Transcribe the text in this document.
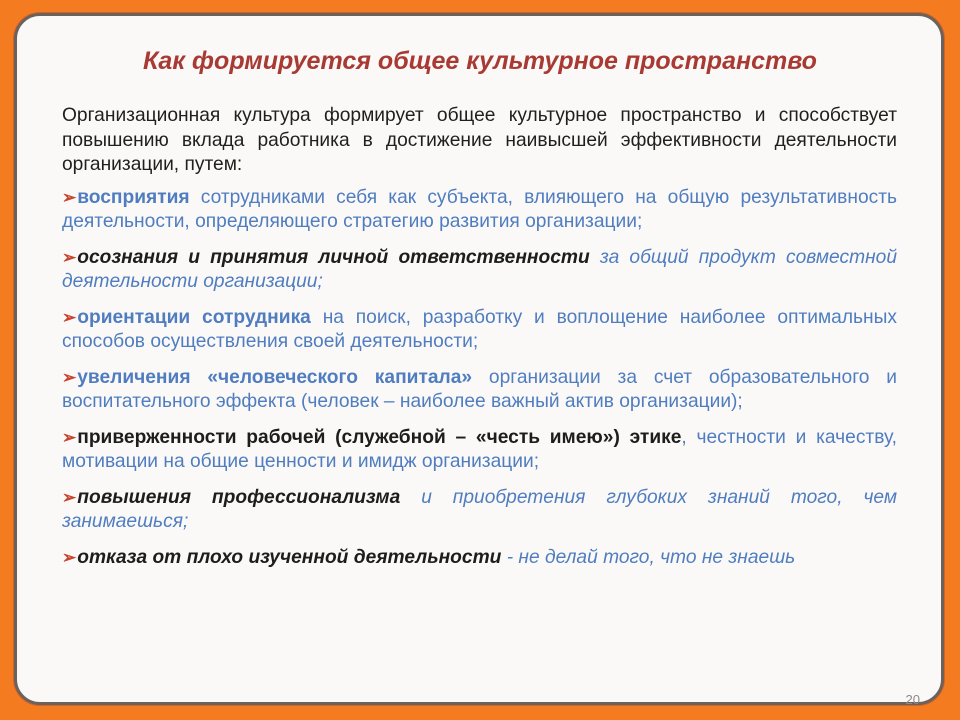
Как формируется общее культурное пространство

Организационная культура формирует общее культурное пространство и способствует повышению вклада работника в достижение наивысшей эффективности деятельности организации, путем:

➢восприятия сотрудниками себя как субъекта, влияющего на общую результативность деятельности, определяющего стратегию развития организации;

➢осознания и принятия личной ответственности за общий продукт совместной деятельности организации;

➢ориентации сотрудника на поиск, разработку и воплощение наиболее оптимальных способов осуществления своей деятельности;

➢увеличения «человеческого капитала» организации за счет образовательного и воспитательного эффекта (человек – наиболее важный актив организации);

➢приверженности рабочей (служебной – «честь имею») этике, честности и качеству, мотивации на общие ценности и имидж организации;

➢повышения профессионализма и приобретения глубоких знаний того, чем занимаешься;

➢отказа от плохо изученной деятельности - не делай того, что не знаешь

20
